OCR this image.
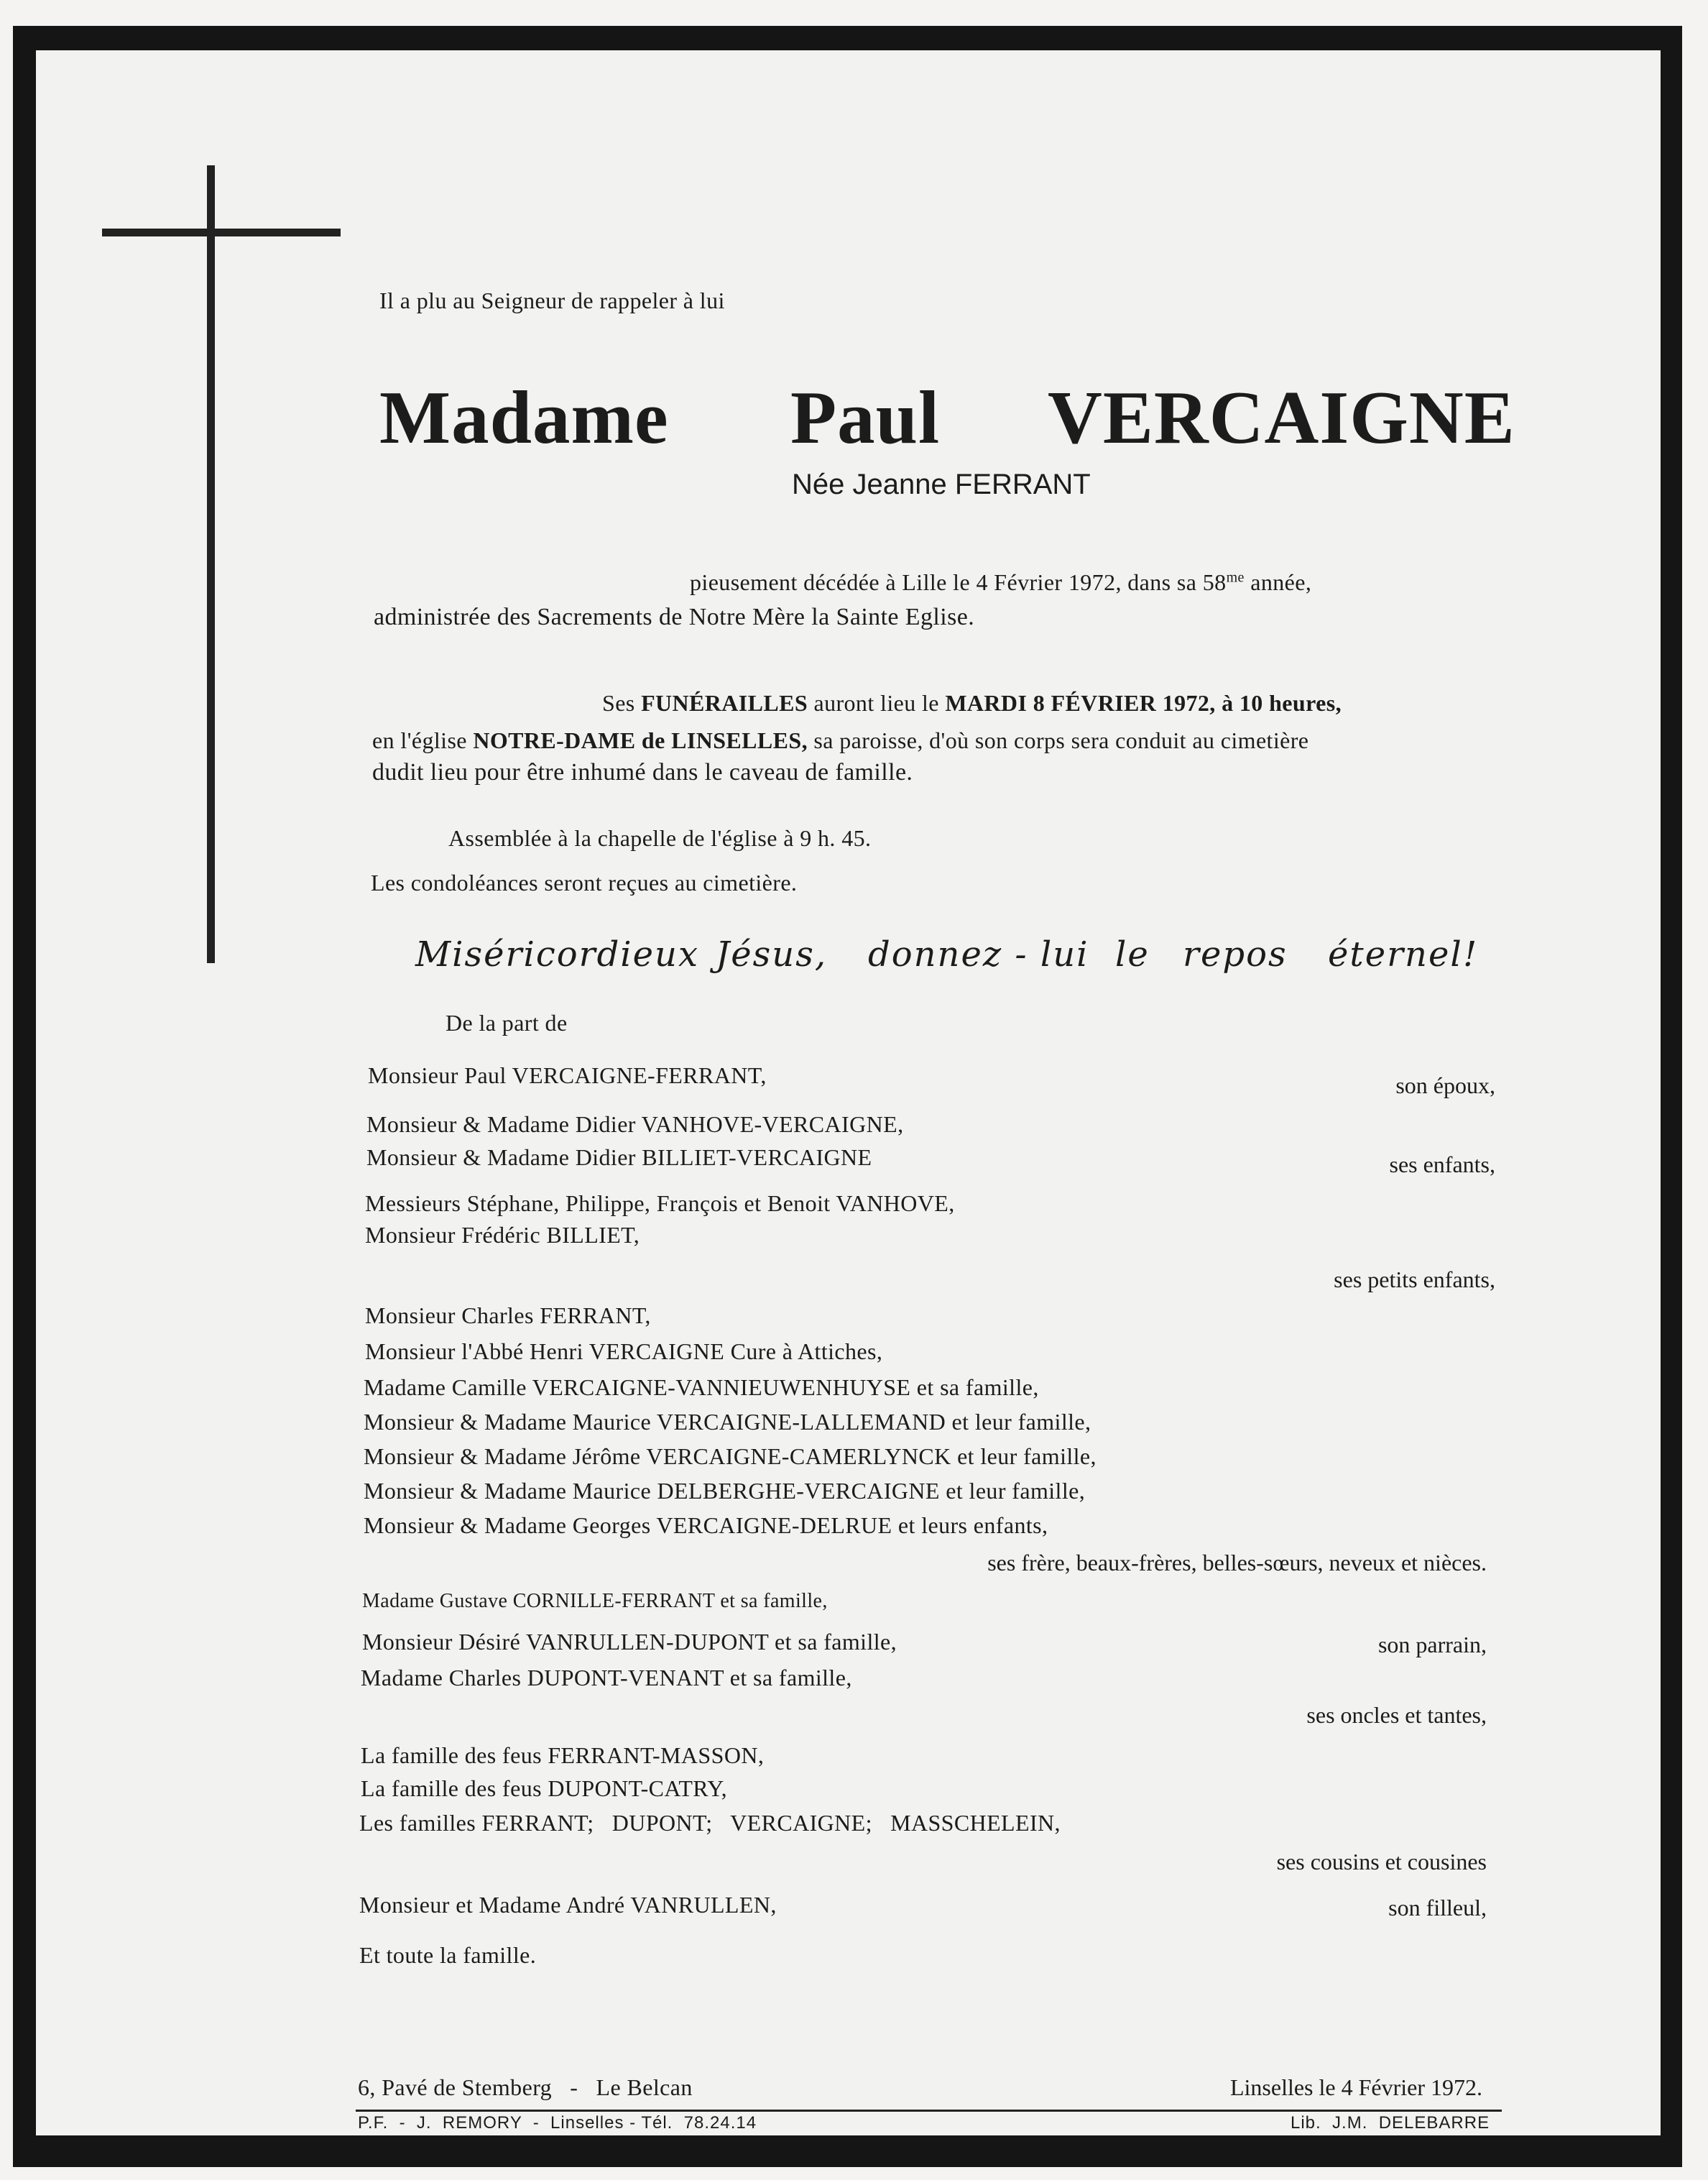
Il a plu au Seigneur de rappeler à lui
Madame Paul VERCAIGNE
Née Jeanne FERRANT
pieusement décédée à Lille le 4 Février 1972, dans sa $58^{me}$ année,
administrée des Sacrements de Notre Mère la Sainte Eglise.
Ses FUNÉRAILLES auront lieu le MARDI 8 FÉVRIER 1972, à 10 heures,
en l'église NOTRE-DAME de LINSELLES, sa paroisse, d'où son corps sera conduit au cimetière
dudit lieu pour être inhumé dans le caveau de famille.
Assemblée à la chapelle de l'église à 9 h. 45.
Les condoléances seront reçues au cimetière.
Miséricordieux Jésus, donnez - lui le repos éternel !
De la part de
Monsieur Paul VERCAIGNE-FERRANT,	son époux,
Monsieur & Madame Didier VANHOVE-VERCAIGNE,
Monsieur & Madame Didier BILLIET-VERCAIGNE	ses enfants,
Messieurs Stéphane, Philippe, François et Benoit VANHOVE,
Monsieur Frédéric BILLIET,
ses petits enfants,
Monsieur Charles FERRANT,
Monsieur l'Abbé Henri VERCAIGNE Cure à Attiches,
Madame Camille VERCAIGNE-VANNIEUWENHUYSE et sa famille,
Monsieur & Madame Maurice VERCAIGNE-LALLEMAND et leur famille,
Monsieur & Madame Jérôme VERCAIGNE-CAMERLYNCK et leur famille,
Monsieur & Madame Maurice DELBERGHE-VERCAIGNE et leur famille,
Monsieur & Madame Georges VERCAIGNE-DELRUE et leurs enfants,
ses frère, beaux-frères, belles-sœurs, neveux et nièces.
Madame Gustave CORNILLE-FERRANT et sa famille,
Monsieur Désiré VANRULLEN-DUPONT et sa famille,	son parrain,
Madame Charles DUPONT-VENANT et sa famille,
ses oncles et tantes,
La famille des feus FERRANT-MASSON,
La famille des feus DUPONT-CATRY,
Les familles FERRANT;   DUPONT;   VERCAIGNE;   MASSCHELEIN,
ses cousins et cousines
Monsieur et Madame André VANRULLEN,	son filleul,
Et toute la famille.
6, Pavé de Stemberg   -   Le Belcan	Linselles le 4 Février 1972.
P.F.  -  J.  REMORY  -  Linselles - Tél.  78.24.14	Lib.  J.M.  DELEBARRE
